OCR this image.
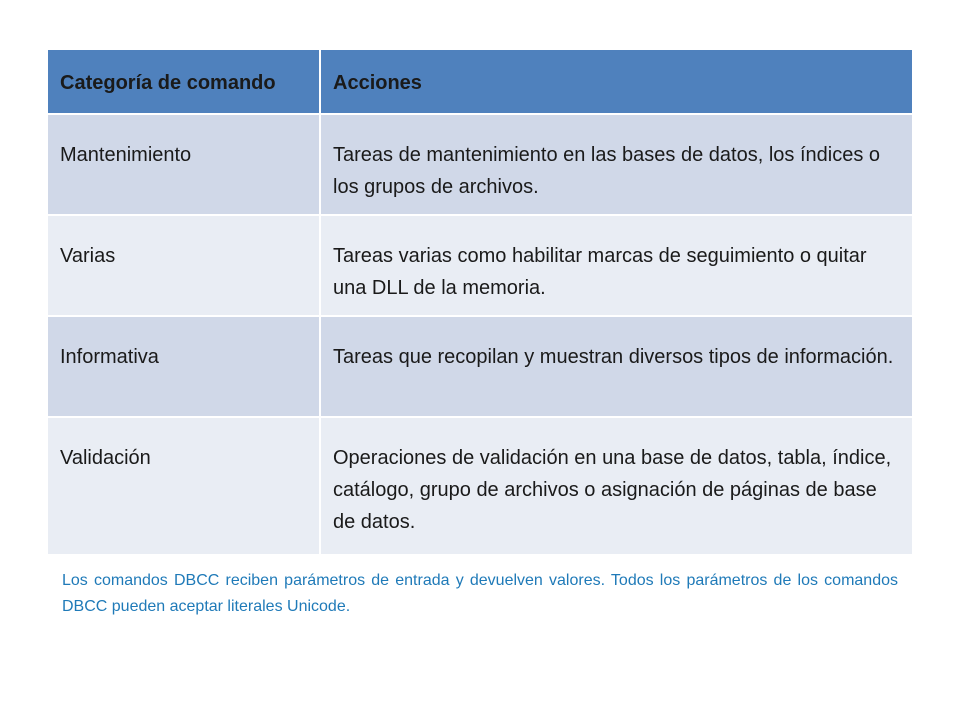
Categoría de comando	Acciones
Mantenimiento	Tareas de mantenimiento en las bases de datos, los índices o los grupos de archivos.
Varias	Tareas varias como habilitar marcas de seguimiento o quitar una DLL de la memoria.
Informativa	Tareas que recopilan y muestran diversos tipos de información.
Validación	Operaciones de validación en una base de datos, tabla, índice, catálogo, grupo de archivos o asignación de páginas de base de datos.

Los comandos DBCC reciben parámetros de entrada y devuelven valores. Todos los parámetros de los comandos DBCC pueden aceptar literales Unicode.
